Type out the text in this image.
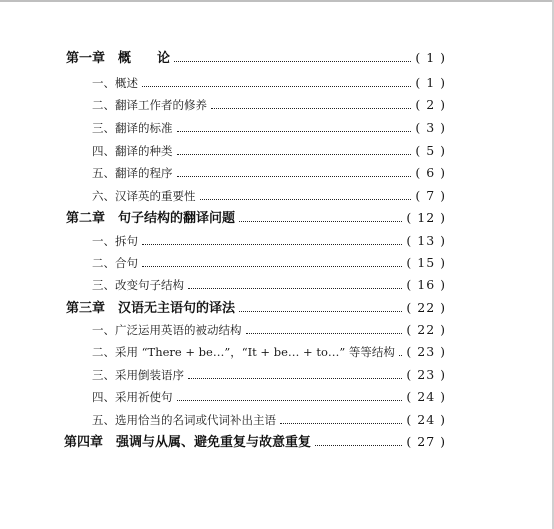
第一章　概　　论	( 1 )
一、概述	( 1 )
二、翻译工作者的修养	( 2 )
三、翻译的标准	( 3 )
四、翻译的种类	( 5 )
五、翻译的程序	( 6 )
六、汉译英的重要性	( 7 )
第二章　句子结构的翻译问题	( 12 )
一、拆句	( 13 )
二、合句	( 15 )
三、改变句子结构	( 16 )
第三章　汉语无主语句的译法	( 22 )
一、广泛运用英语的被动结构	( 22 )
二、采用 “There + be…”，“It + be… + to…” 等等结构 ( 23 )
三、采用倒装语序	( 23 )
四、采用祈使句	( 24 )
五、选用恰当的名词或代词补出主语	( 24 )
第四章　强调与从属、避免重复与故意重复	( 27 )
